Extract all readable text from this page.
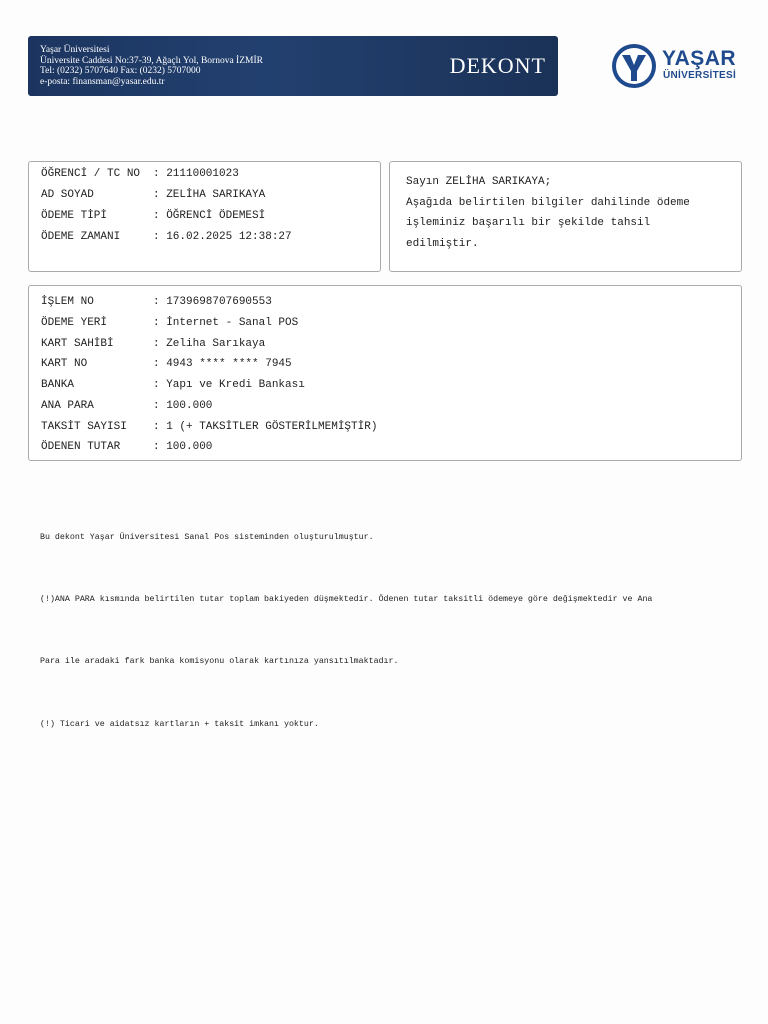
Yaşar Üniversitesi
Üniversite Caddesi No:37-39, Ağaçlı Yol, Bornova İZMİR
Tel: (0232) 5707640 Fax: (0232) 5707000
e-posta: finansman@yasar.edu.tr
DEKONT	YAŞAR
ÜNİVERSİTESİ
ÖĞRENCİ / TC NO : 21110001023
AD SOYAD	: ZELİHA SARIKAYA
ÖDEME TİPİ	: ÖĞRENCİ ÖDEMESİ
ÖDEME ZAMANI	: 16.02.2025 12:38:27
Sayın ZELİHA SARIKAYA;
Aşağıda belirtilen bilgiler dahilinde ödeme işleminiz başarılı bir şekilde tahsil edilmiştir.
İŞLEM NO	: 1739698707690553
ÖDEME YERİ	: İnternet - Sanal POS
KART SAHİBİ	: Zeliha Sarıkaya
KART NO	: 4943 **** **** 7945
BANKA	: Yapı ve Kredi Bankası
ANA PARA	: 100.000
TAKSİT SAYISI : 1 (+ TAKSİTLER GÖSTERİLMEMİŞTİR)
ÖDENEN TUTAR	: 100.000

Bu dekont Yaşar Üniversitesi Sanal Pos sisteminden oluşturulmuştur.

(!)ANA PARA kısmında belirtilen tutar toplam bakiyeden düşmektedir. Ödenen tutar taksitli ödemeye göre değişmektedir ve Ana

Para ile aradaki fark banka komisyonu olarak kartınıza yansıtılmaktadır.

(!) Ticari ve aidatsız kartların + taksit imkanı yoktur.
